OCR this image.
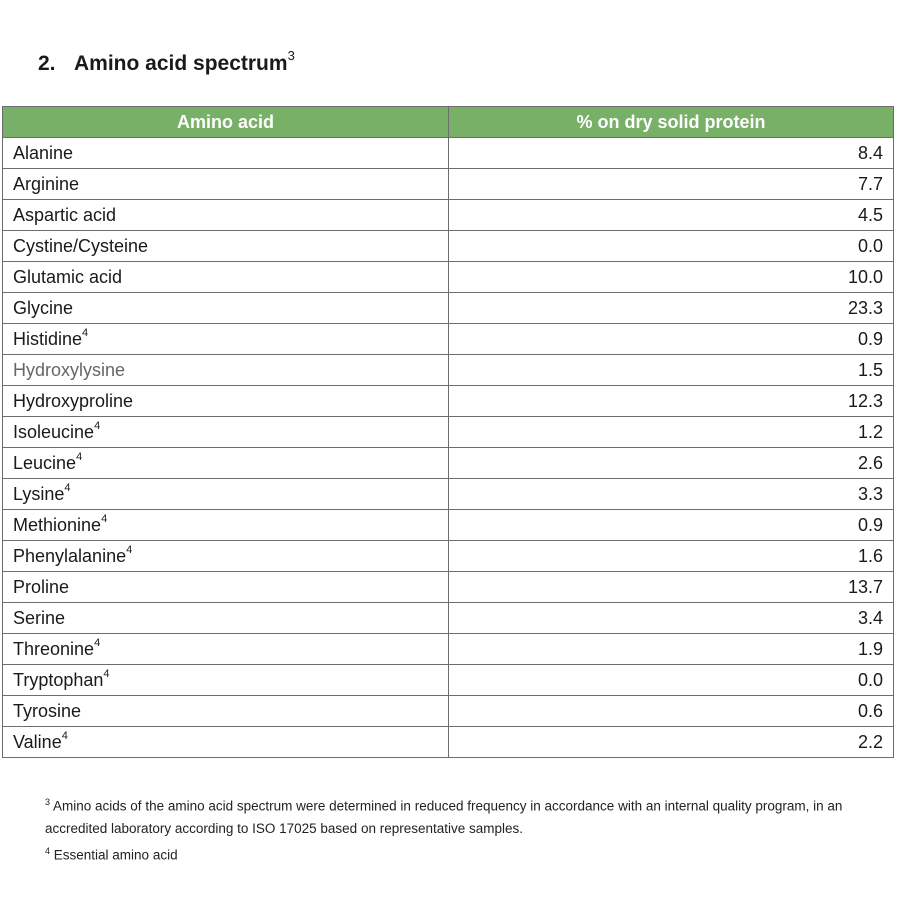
2. Amino acid spectrum$^3$
Amino acid	% on dry solid protein
Alanine	8.4
Arginine	7.7
Aspartic acid	4.5
Cystine/Cysteine	0.0
Glutamic acid	10.0
Glycine	23.3
Histidine$^4$	0.9
Hydroxylysine	1.5
Hydroxyproline	12.3
Isoleucine$^4$	1.2
Leucine$^4$	2.6
Lysine$^4$	3.3
Methionine$^4$	0.9
Phenylalanine$^4$	1.6
Proline	13.7
Serine	3.4
Threonine$^4$	1.9
Tryptophan$^4$	0.0
Tyrosine	0.6
Valine$^4$	2.2
$^3$ Amino acids of the amino acid spectrum were determined in reduced frequency in accordance with an internal quality program, in an accredited laboratory according to ISO 17025 based on representative samples.
$^4$ Essential amino acid
